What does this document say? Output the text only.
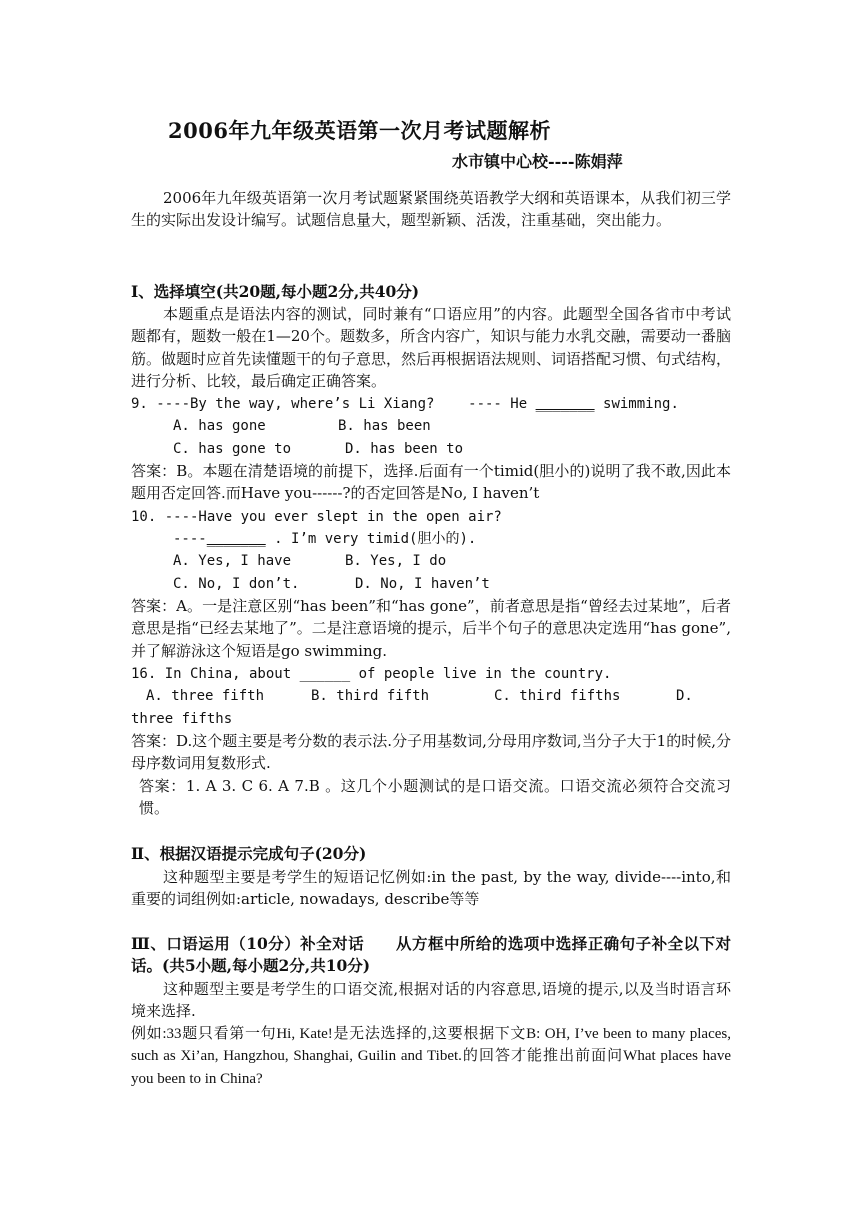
2006年九年级英语第一次月考试题解析
水市镇中心校----陈娟萍
2006年九年级英语第一次月考试题紧紧围绕英语教学大纲和英语课本，从我们初三学生的实际出发设计编写。试题信息量大，题型新颖、活泼，注重基础，突出能力。
Ⅰ、选择填空(共20题,每小题2分,共40分)
本题重点是语法内容的测试，同时兼有“口语应用”的内容。此题型全国各省市中考试题都有，题数一般在1—20个。题数多，所含内容广，知识与能力水乳交融，需要动一番脑筋。做题时应首先读懂题干的句子意思，然后再根据语法规则、词语搭配习惯、句式结构，进行分析、比较，最后确定正确答案。
9. ----By the way, where’s Li Xiang?    ---- He _______ swimming.
A. has gone	B. has been
C. has gone to	D. has been to
答案：B。本题在清楚语境的前提下，选择.后面有一个timid(胆小的)说明了我不敢,因此本题用否定回答.而Have you------?的否定回答是No, I haven’t
10. ----Have you ever slept in the open air?
----_______ . I’m very timid(胆小的).
A. Yes, I have	B. Yes, I do
C. No, I don’t.	D. No, I haven’t
答案：A。一是注意区别“has been”和“has gone”，前者意思是指“曾经去过某地”，后者意思是指“已经去某地了”。二是注意语境的提示，后半个句子的意思决定选用“has gone”,并了解游泳这个短语是go swimming.
16. In China, about ______ of people live in the country.
A. three fifth	B. third fifth	C. third fifths	D.
three fifths
答案：D.这个题主要是考分数的表示法.分子用基数词,分母用序数词,当分子大于1的时候,分母序数词用复数形式.
答案：1. A 3. C 6. A 7.B 。这几个小题测试的是口语交流。口语交流必须符合交流习惯。
Ⅱ、根据汉语提示完成句子(20分)
这种题型主要是考学生的短语记忆例如:in the past, by the way, divide----into,和重要的词组例如:article, nowadays, describe等等
Ⅲ、口语运用（10分）补全对话　　从方框中所给的选项中选择正确句子补全以下对话。(共5小题,每小题2分,共10分)
这种题型主要是考学生的口语交流,根据对话的内容意思,语境的提示,以及当时语言环境来选择.
例如:33题只看第一句Hi, Kate!是无法选择的,这要根据下文B: OH, I’ve been to many places, such as Xi’an, Hangzhou, Shanghai, Guilin and Tibet.的回答才能推出前面问What places have you been to in China?
